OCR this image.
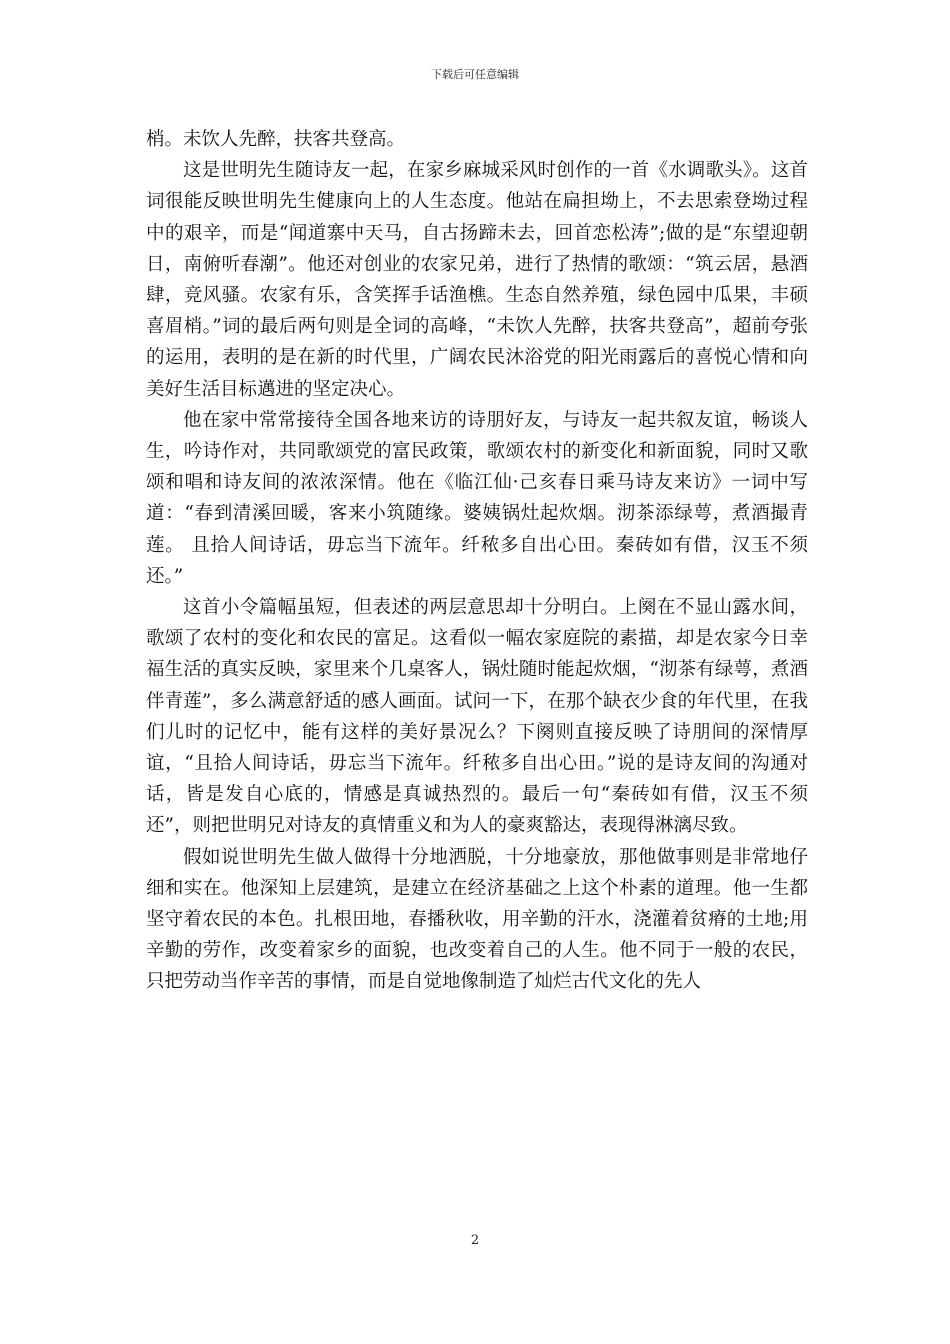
下载后可任意编辑

梢。未饮人先醉，扶客共登高。

这是世明先生随诗友一起，在家乡麻城采风时创作的一首《水调歌头》。这首词很能反映世明先生健康向上的人生态度。他站在扁担坳上，不去思索登坳过程中的艰辛，而是“闻道寨中天马，自古扬蹄未去，回首恋松涛”;做的是“东望迎朝日，南俯听春潮”。他还对创业的农家兄弟，进行了热情的歌颂：“筑云居，悬酒肆，竞风骚。农家有乐，含笑挥手话渔樵。生态自然养殖，绿色园中瓜果，丰硕喜眉梢。”词的最后两句则是全词的高峰，“未饮人先醉，扶客共登高”，超前夸张的运用，表明的是在新的时代里，广阔农民沐浴党的阳光雨露后的喜悦心情和向美好生活目标邁进的坚定决心。

他在家中常常接待全国各地来访的诗朋好友，与诗友一起共叙友谊，畅谈人生，吟诗作对，共同歌颂党的富民政策，歌颂农村的新变化和新面貌，同时又歌颂和唱和诗友间的浓浓深情。他在《临江仙·己亥春日乘马诗友来访》一词中写道：“春到清溪回暖，客来小筑随缘。婆姨锅灶起炊烟。沏茶添绿萼，煮酒撮青莲。 且拾人间诗话，毋忘当下流年。纤秾多自出心田。秦砖如有借，汉玉不须还。”

这首小令篇幅虽短，但表述的两层意思却十分明白。上阕在不显山露水间，歌颂了农村的变化和农民的富足。这看似一幅农家庭院的素描，却是农家今日幸福生活的真实反映，家里来个几桌客人，锅灶随时能起炊烟，“沏茶有绿萼，煮酒伴青莲”，多么满意舒适的感人画面。试问一下，在那个缺衣少食的年代里，在我们儿时的记忆中，能有这样的美好景况么？下阕则直接反映了诗朋间的深情厚谊，“且拾人间诗话，毋忘当下流年。纤秾多自出心田。”说的是诗友间的沟通对话，皆是发自心底的，情感是真诚热烈的。最后一句“秦砖如有借，汉玉不须还”，则把世明兄对诗友的真情重义和为人的豪爽豁达，表现得淋漓尽致。

假如说世明先生做人做得十分地洒脱，十分地豪放，那他做事则是非常地仔细和实在。他深知上层建筑，是建立在经济基础之上这个朴素的道理。他一生都坚守着农民的本色。扎根田地，春播秋收，用辛勤的汗水，浇灌着贫瘠的土地;用辛勤的劳作，改变着家乡的面貌，也改变着自己的人生。他不同于一般的农民，只把劳动当作辛苦的事情，而是自觉地像制造了灿烂古代文化的先人

2
